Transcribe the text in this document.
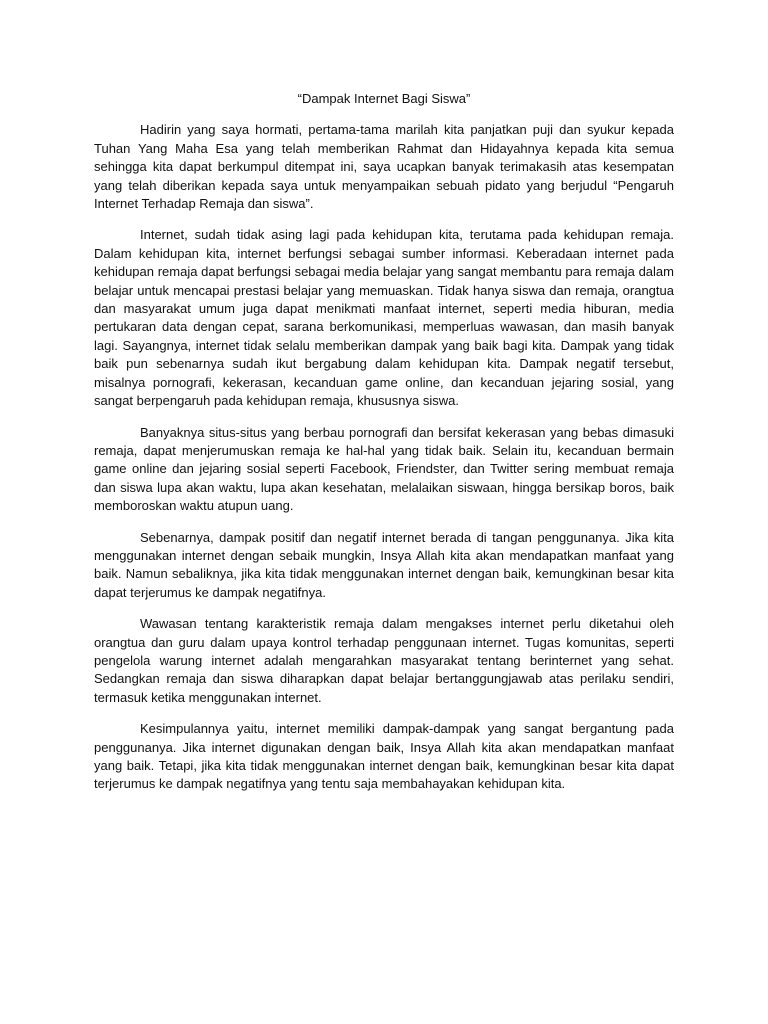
“Dampak Internet Bagi Siswa”

Hadirin yang saya hormati, pertama-tama marilah kita panjatkan puji dan syukur kepada Tuhan Yang Maha Esa yang telah memberikan Rahmat dan Hidayahnya kepada kita semua sehingga kita dapat berkumpul ditempat ini, saya ucapkan banyak terimakasih atas kesempatan yang telah diberikan kepada saya untuk menyampaikan sebuah pidato yang berjudul “Pengaruh Internet Terhadap Remaja dan siswa”.

Internet, sudah tidak asing lagi pada kehidupan kita, terutama pada kehidupan remaja. Dalam kehidupan kita, internet berfungsi sebagai sumber informasi. Keberadaan internet pada kehidupan remaja dapat berfungsi sebagai media belajar yang sangat membantu para remaja dalam belajar untuk mencapai prestasi belajar yang memuaskan. Tidak hanya siswa dan remaja, orangtua dan masyarakat umum juga dapat menikmati manfaat internet, seperti media hiburan, media pertukaran data dengan cepat, sarana berkomunikasi, memperluas wawasan, dan masih banyak lagi. Sayangnya, internet tidak selalu memberikan dampak yang baik bagi kita. Dampak yang tidak baik pun sebenarnya sudah ikut bergabung dalam kehidupan kita. Dampak negatif tersebut, misalnya pornografi, kekerasan, kecanduan game online, dan kecanduan jejaring sosial, yang sangat berpengaruh pada kehidupan remaja, khususnya siswa.

Banyaknya situs-situs yang berbau pornografi dan bersifat kekerasan yang bebas dimasuki remaja, dapat menjerumuskan remaja ke hal-hal yang tidak baik. Selain itu, kecanduan bermain game online dan jejaring sosial seperti Facebook, Friendster, dan Twitter sering membuat remaja dan siswa lupa akan waktu, lupa akan kesehatan, melalaikan siswaan, hingga bersikap boros, baik memboroskan waktu atupun uang.

Sebenarnya, dampak positif dan negatif internet berada di tangan penggunanya. Jika kita menggunakan internet dengan sebaik mungkin, Insya Allah kita akan mendapatkan manfaat yang baik. Namun sebaliknya, jika kita tidak menggunakan internet dengan baik, kemungkinan besar kita dapat terjerumus ke dampak negatifnya.

Wawasan tentang karakteristik remaja dalam mengakses internet perlu diketahui oleh orangtua dan guru dalam upaya kontrol terhadap penggunaan internet. Tugas komunitas, seperti pengelola warung internet adalah mengarahkan masyarakat tentang berinternet yang sehat. Sedangkan remaja dan siswa diharapkan dapat belajar bertanggungjawab atas perilaku sendiri, termasuk ketika menggunakan internet.

Kesimpulannya yaitu, internet memiliki dampak-dampak yang sangat bergantung pada penggunanya. Jika internet digunakan dengan baik, Insya Allah kita akan mendapatkan manfaat yang baik. Tetapi, jika kita tidak menggunakan internet dengan baik, kemungkinan besar kita dapat terjerumus ke dampak negatifnya yang tentu saja membahayakan kehidupan kita.
